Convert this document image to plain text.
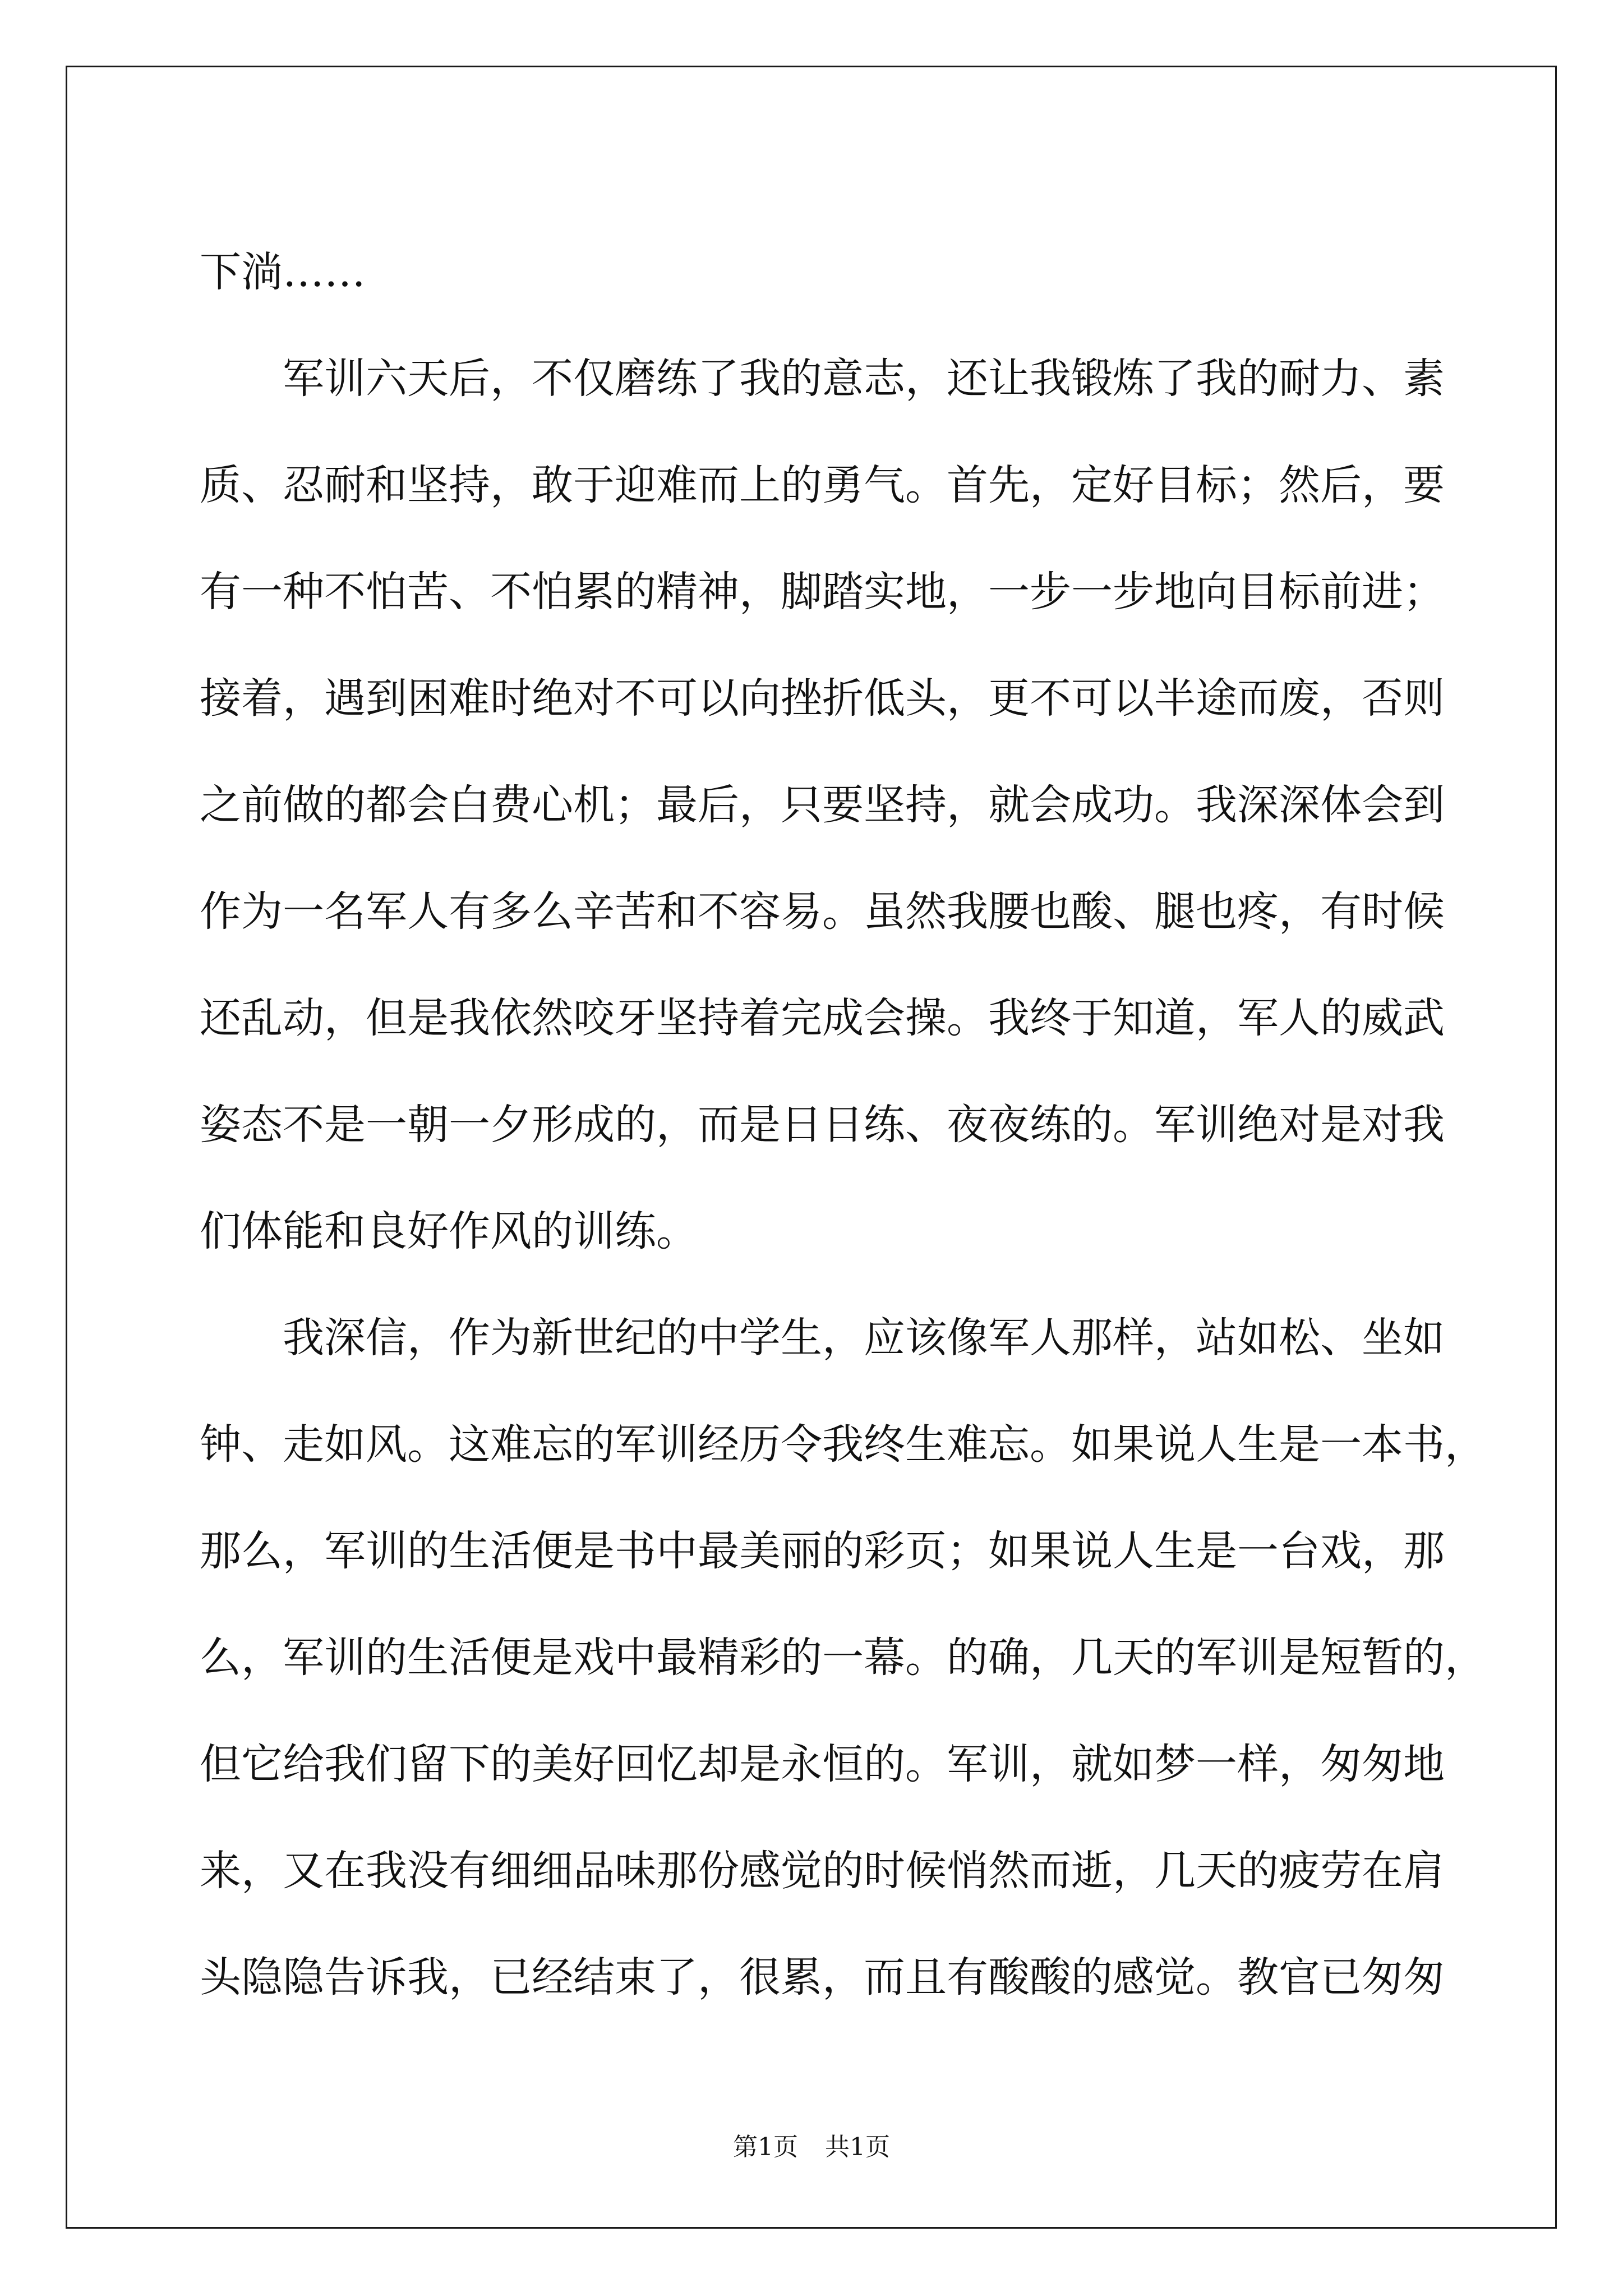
下淌……
军训六天后，不仅磨练了我的意志，还让我锻炼了我的耐力、素
质、忍耐和坚持，敢于迎难而上的勇气。首先，定好目标；然后，要
有一种不怕苦、不怕累的精神，脚踏实地，一步一步地向目标前进；
接着，遇到困难时绝对不可以向挫折低头，更不可以半途而废，否则
之前做的都会白费心机；最后，只要坚持，就会成功。我深深体会到
作为一名军人有多么辛苦和不容易。虽然我腰也酸、腿也疼，有时候
还乱动，但是我依然咬牙坚持着完成会操。我终于知道，军人的威武
姿态不是一朝一夕形成的，而是日日练、夜夜练的。军训绝对是对我
们体能和良好作风的训练。
我深信，作为新世纪的中学生，应该像军人那样，站如松、坐如
钟、走如风。这难忘的军训经历令我终生难忘。如果说人生是一本书，
那么，军训的生活便是书中最美丽的彩页；如果说人生是一台戏，那
么，军训的生活便是戏中最精彩的一幕。的确，几天的军训是短暂的，
但它给我们留下的美好回忆却是永恒的。军训，就如梦一样，匆匆地
来，又在我没有细细品味那份感觉的时候悄然而逝，几天的疲劳在肩
头隐隐告诉我，已经结束了，很累，而且有酸酸的感觉。教官已匆匆
第1页 共1页
